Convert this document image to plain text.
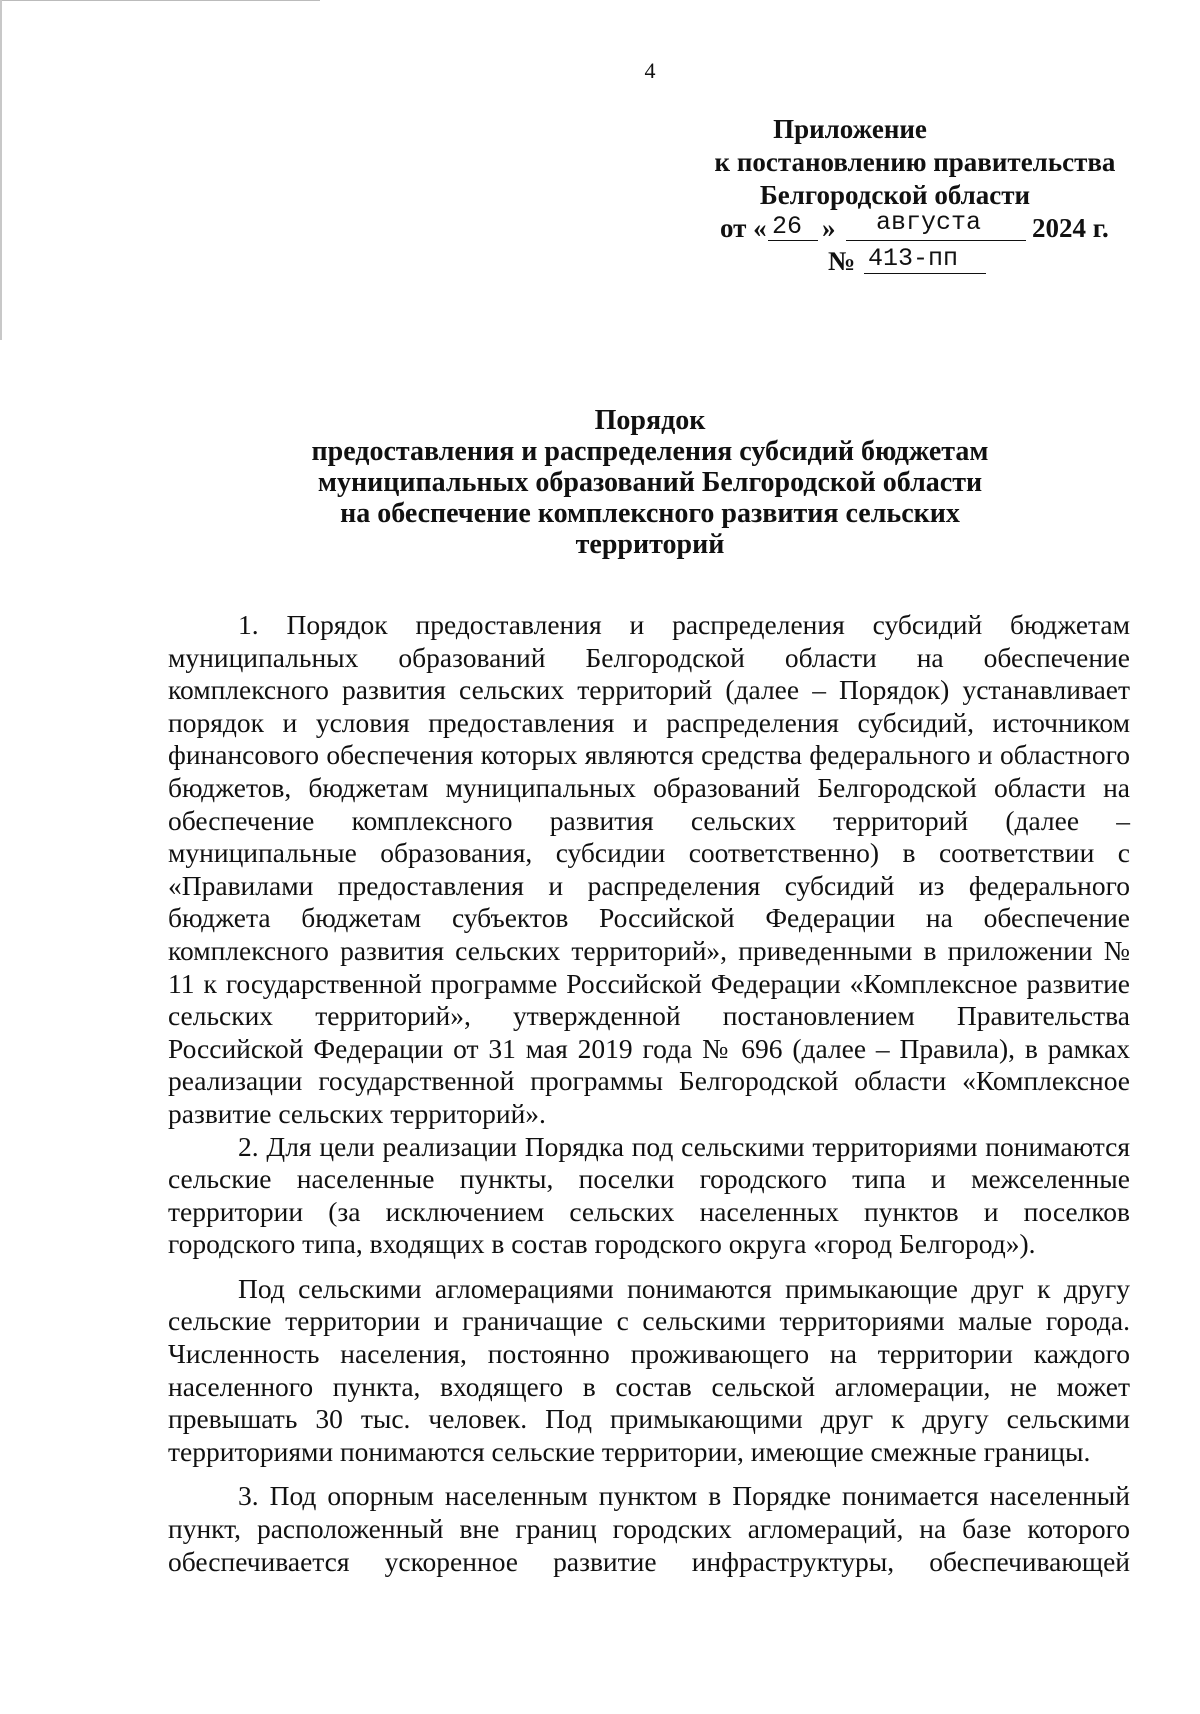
4
Приложение
к постановлению правительства
Белгородской области
от « 26 » августа 2024 г.
№ 413-пп
Порядок
предоставления и распределения субсидий бюджетам
муниципальных образований Белгородской области
на обеспечение комплексного развития сельских
территорий

1. Порядок предоставления и распределения субсидий бюджетам муниципальных образований Белгородской области на обеспечение комплексного развития сельских территорий (далее – Порядок) устанавливает порядок и условия предоставления и распределения субсидий, источником финансового обеспечения которых являются средства федерального и областного бюджетов, бюджетам муниципальных образований Белгородской области на обеспечение комплексного развития сельских территорий (далее – муниципальные образования, субсидии соответственно) в соответствии с «Правилами предоставления и распределения субсидий из федерального бюджета бюджетам субъектов Российской Федерации на обеспечение комплексного развития сельских территорий», приведенными в приложении № 11 к государственной программе Российской Федерации «Комплексное развитие сельских территорий», утвержденной постановлением Правительства Российской Федерации от 31 мая 2019 года № 696 (далее – Правила), в рамках реализации государственной программы Белгородской области «Комплексное развитие сельских территорий».

2. Для цели реализации Порядка под сельскими территориями понимаются сельские населенные пункты, поселки городского типа и межселенные территории (за исключением сельских населенных пунктов и поселков городского типа, входящих в состав городского округа «город Белгород»).

Под сельскими агломерациями понимаются примыкающие друг к другу сельские территории и граничащие с сельскими территориями малые города. Численность населения, постоянно проживающего на территории каждого населенного пункта, входящего в состав сельской агломерации, не может превышать 30 тыс. человек. Под примыкающими друг к другу сельскими территориями понимаются сельские территории, имеющие смежные границы.

3. Под опорным населенным пунктом в Порядке понимается населенный пункт, расположенный вне границ городских агломераций, на базе которого обеспечивается ускоренное развитие инфраструктуры, обеспечивающей
